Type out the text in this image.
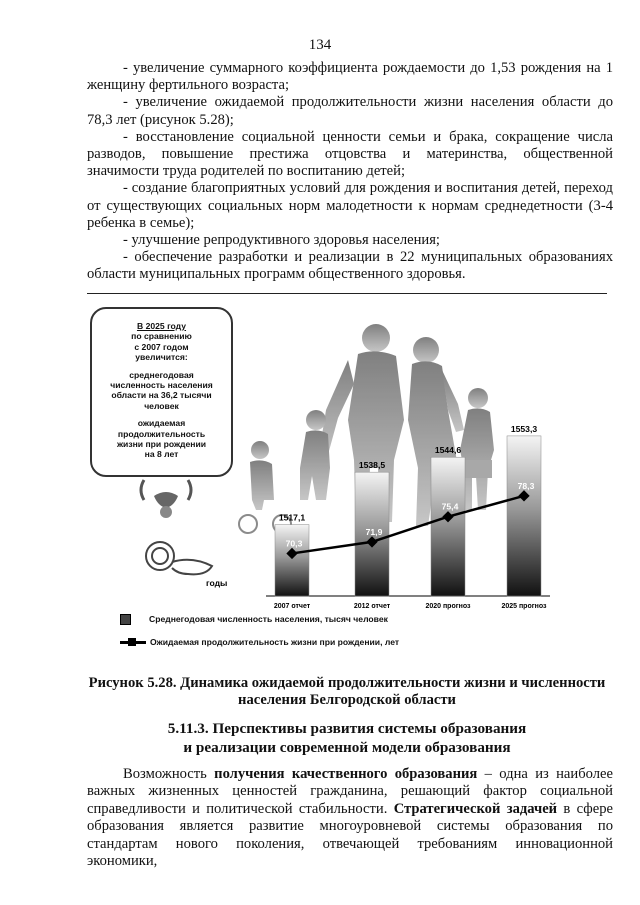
134

- увеличение суммарного коэффициента рождаемости до 1,53 рождения на 1 женщину фертильного возраста;

- увеличение ожидаемой продолжительности жизни населения области до 78,3 лет (рисунок 5.28);

- восстановление социальной ценности семьи и брака, сокращение числа разводов, повышение престижа отцовства и материнства, общественной значимости труда родителей по воспитанию детей;

- создание благоприятных условий для рождения и воспитания детей, переход от существующих социальных норм малодетности к нормам среднедетности (3-4 ребенка в семье);

- улучшение репродуктивного здоровья населения;

- обеспечение разработки и реализации в 22 муниципальных образованиях области муниципальных программ общественного здоровья.

годы
1517,1
1538,5
1544,6
1553,3
70,3
71,9
75,4
78,3
2007 отчет	2012 отчет	2020 прогноз	2025 прогноз
В 2025 году
по сравнению
с 2007 годом
увеличится:
среднегодовая
численность населения
области на 36,2 тысячи
человек
ожидаемая
продолжительность
жизни при рождении
на 8 лет
Среднегодовая численность населения, тысяч человек
Ожидаемая продолжительность жизни при рождении, лет
Рисунок 5.28. Динамика ожидаемой продолжительности жизни и численности
населения Белгородской области
5.11.3. Перспективы развития системы образования
и реализации современной модели образования

Возможность получения качественного образования – одна из наиболее важных жизненных ценностей гражданина, решающий фактор социальной справедливости и политической стабильности. Стратегической задачей в сфере образования является развитие многоуровневой системы образования по стандартам нового поколения, отвечающей требованиям инновационной экономики,
